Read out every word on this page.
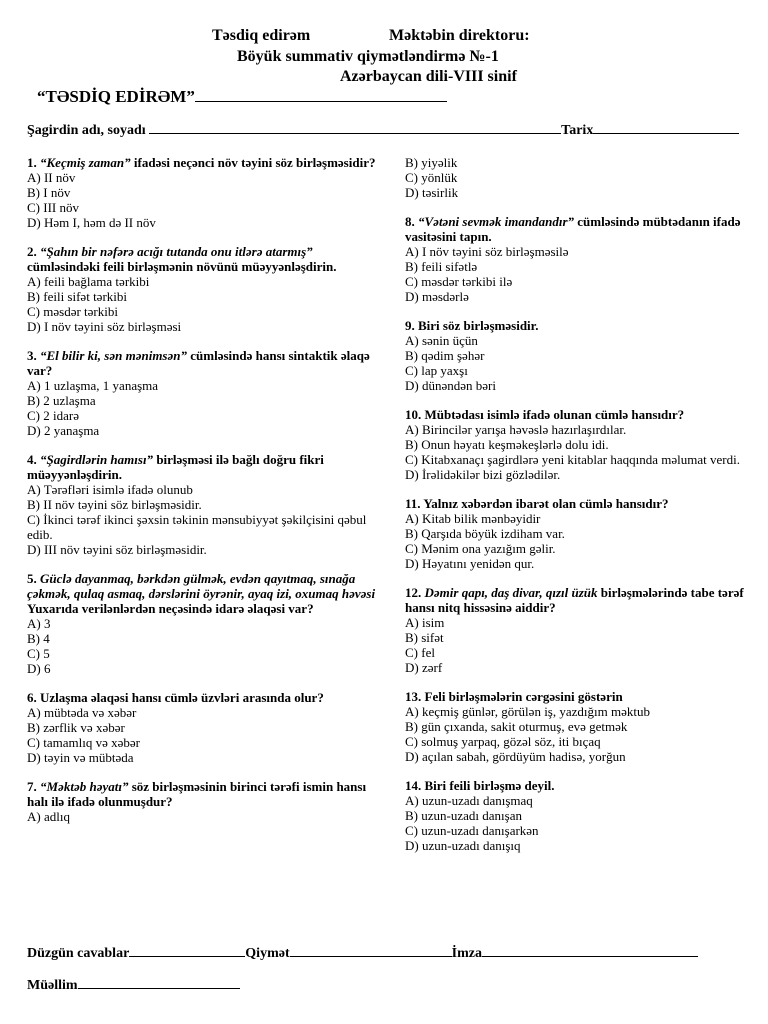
Təsdiq edirəm	Məktəbin direktoru:
Böyük summativ qiymətləndirmə №-1
Azərbaycan dili-VIII sinif
“TƏSDİQ EDİRƏM”
Şagirdin adı, soyadı	Tarix
1. “Keçmiş zaman” ifadəsi neçənci növ təyini söz birləşməsidir?
A) II növ
B) I növ
C) III növ
D) Həm I, həm də II növ
2. “Şahın bir nəfərə acığı tutanda onu itlərə atarmış” cümləsindəki feili birləşmənin növünü müəyyənləşdirin.
A) feili bağlama tərkibi
B) feili sifət tərkibi
C) məsdər tərkibi
D) I növ təyini söz birləşməsi
3. “El bilir ki, sən mənimsən” cümləsində hansı sintaktik əlaqə var?
A) 1 uzlaşma, 1 yanaşma
B) 2 uzlaşma
C) 2 idarə
D) 2 yanaşma
4. “Şagirdlərin hamısı” birləşməsi ilə bağlı doğru fikri müəyyənləşdirin.
A) Tərəfləri isimlə ifadə olunub
B) II növ təyini söz birləşməsidir.
C) İkinci tərəf ikinci şəxsin təkinin mənsubiyyət şəkilçisini qəbul edib.
D) III növ təyini söz birləşməsidir.
5. Güclə dayanmaq, bərkdən gülmək, evdən qayıtmaq, sınağa çəkmək, qulaq asmaq, dərslərini öyrənir, ayaq izi, oxumaq həvəsi
Yuxarıda verilənlərdən neçəsində idarə əlaqəsi var?
A) 3
B) 4
C) 5
D) 6
6. Uzlaşma əlaqəsi hansı cümlə üzvləri arasında olur?
A) mübtəda və xəbər
B) zərflik və xəbər
C) tamamlıq və xəbər
D) təyin və mübtəda
7. “Məktəb həyatı” söz birləşməsinin birinci tərəfi ismin hansı halı ilə ifadə olunmuşdur?
A) adlıq
B) yiyəlik
C) yönlük
D) təsirlik
8. “Vətəni sevmək imandandır” cümləsində mübtədanın ifadə vasitəsini tapın.
A) I növ təyini söz birləşməsilə
B) feili sifətlə
C) məsdər tərkibi ilə
D) məsdərlə
9. Biri söz birləşməsidir.
A) sənin üçün
B) qədim şəhər
C) lap yaxşı
D) dünəndən bəri
10. Mübtədası isimlə ifadə olunan cümlə hansıdır?
A) Birincilər yarışa həvəslə hazırlaşırdılar.
B) Onun həyatı keşməkeşlərlə dolu idi.
C) Kitabxanaçı şagirdlərə yeni kitablar haqqında məlumat verdi.
D) İrəlidəkilər bizi gözlədilər.
11. Yalnız xəbərdən ibarət olan cümlə hansıdır?
A) Kitab bilik mənbəyidir
B) Qarşıda böyük izdiham var.
C) Mənim ona yazığım gəlir.
D) Həyatını yenidən qur.
12. Dəmir qapı, daş divar, qızıl üzük birləşmələrində tabe tərəf hansı nitq hissəsinə aiddir?
A) isim
B) sifət
C) fel
D) zərf
13. Feli birləşmələrin cərgəsini göstərin
A) keçmiş günlər, görülən iş, yazdığım məktub
B) gün çıxanda, sakit oturmuş, evə getmək
C) solmuş yarpaq, gözəl söz, iti bıçaq
D) açılan sabah, gördüyüm hadisə, yorğun
14. Biri feili birləşmə deyil.
A) uzun-uzadı danışmaq
B) uzun-uzadı danışan
C) uzun-uzadı danışarkən
D) uzun-uzadı danışıq
Düzgün cavablar	Qiymət	İmza
Müəllim
